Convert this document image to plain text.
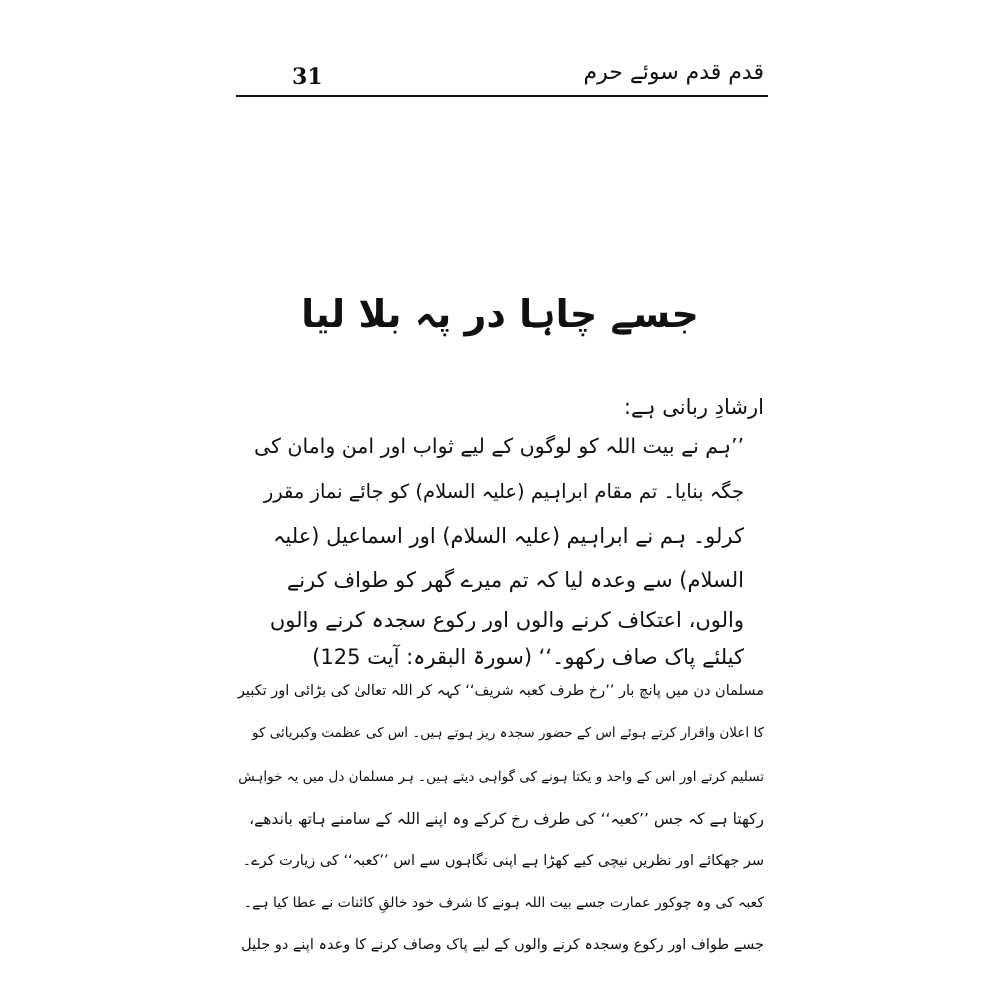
31	قدم قدم سوئے حرم
جسے چاہا در پہ بلا لیا
ارشادِ ربانی ہے:
’’ہم نے بیت اللہ کو لوگوں کے لیے ثواب اور امن وامان کی
جگہ بنایا۔ تم مقام ابراہیم (علیہ السلام) کو جائے نماز مقرر
کرلو۔ ہم نے ابراہیم (علیہ السلام) اور اسماعیل (علیہ
السلام) سے وعدہ لیا کہ تم میرے گھر کو طواف کرنے
والوں، اعتکاف کرنے والوں اور رکوع سجدہ کرنے والوں
کیلئے پاک صاف رکھو۔‘‘ (سورۃ البقرہ: آیت 125)
مسلمان دن میں پانچ بار ’’رخ طرف کعبہ شریف‘‘ کہہ کر اللہ تعالیٰ کی بڑائی اور تکبیر
کا اعلان واقرار کرتے ہوئے اس کے حضور سجدہ ریز ہوتے ہیں۔ اس کی عظمت وکبریائی کو
تسلیم کرتے اور اس کے واحد و یکتا ہونے کی گواہی دیتے ہیں۔ ہر مسلمان دل میں یہ خواہش
رکھتا ہے کہ جس ’’کعبہ‘‘ کی طرف رخ کرکے وہ اپنے اللہ کے سامنے ہاتھ باندھے،
سر جھکائے اور نظریں نیچی کیے کھڑا ہے اپنی نگاہوں سے اس ’’کعبہ‘‘ کی زیارت کرے۔
کعبہ کی وہ چوکور عمارت جسے بیت اللہ ہونے کا شرف خود خالقِ کائنات نے عطا کیا ہے۔
جسے طواف اور رکوع وسجدہ کرنے والوں کے لیے پاک وصاف کرنے کا وعدہ اپنے دو جلیل
